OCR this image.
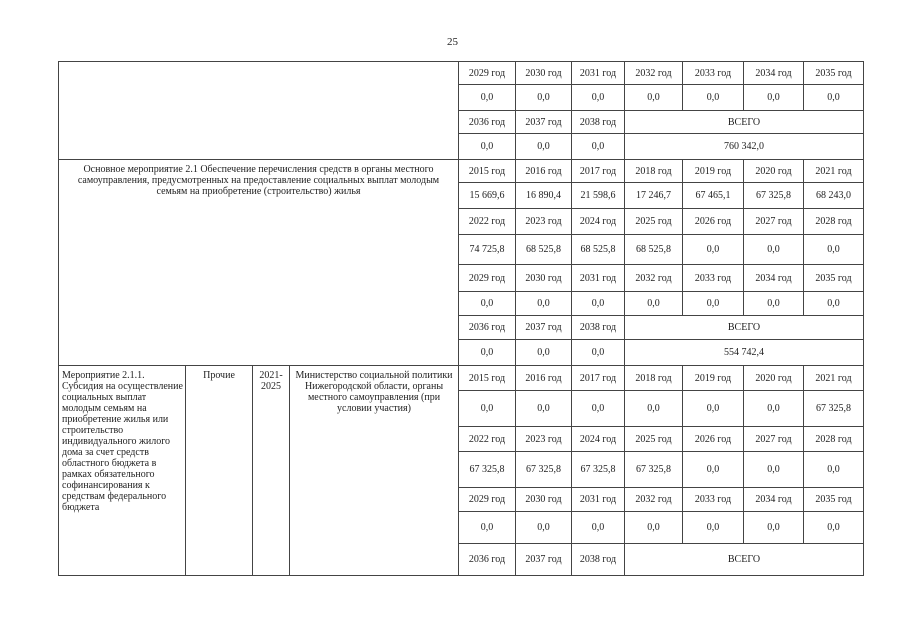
25
				2029 год	2030 год	2031 год	2032 год	2033 год	2034 год	2035 год
				0,0	0,0	0,0	0,0	0,0	0,0	0,0
				2036 год	2037 год	2038 год	ВСЕГО			
				0,0	0,0	0,0	760 342,0			

Основное мероприятие 2.1 Обеспечение перечисления средств в органы местного самоуправления, предусмотренных на предоставление социальных выплат молодым семьям на приобретение (строительство) жилья				2015 год	2016 год	2017 год	2018 год	2019 год	2020 год	2021 год
				15 669,6	16 890,4	21 598,6	17 246,7	67 465,1	67 325,8	68 243,0
				2022 год	2023 год	2024 год	2025 год	2026 год	2027 год	2028 год
				74 725,8	68 525,8	68 525,8	68 525,8	0,0	0,0	0,0
				2029 год	2030 год	2031 год	2032 год	2033 год	2034 год	2035 год
				0,0	0,0	0,0	0,0	0,0	0,0	0,0
				2036 год	2037 год	2038 год	ВСЕГО			
				0,0	0,0	0,0	554 742,4			
Мероприятие 2.1.1. Субсидия на осуществление социальных выплат молодым семьям на приобретение жилья или строительство индивидуального жилого дома за счет средств областного бюджета в рамках обязательного софинансирования к средствам федерального бюджета	Прочие	2021-2025	Министерство социальной политики Нижегородской области, органы местного самоуправления (при условии участия)	2015 год	2016 год	2017 год	2018 год	2019 год	2020 год	2021 год
				0,0	0,0	0,0	0,0	0,0	0,0	67 325,8
				2022 год	2023 год	2024 год	2025 год	2026 год	2027 год	2028 год
				67 325,8	67 325,8	67 325,8	67 325,8	0,0	0,0	0,0
				2029 год	2030 год	2031 год	2032 год	2033 год	2034 год	2035 год
				0,0	0,0	0,0	0,0	0,0	0,0	0,0
				2036 год	2037 год	2038 год	ВСЕГО			
